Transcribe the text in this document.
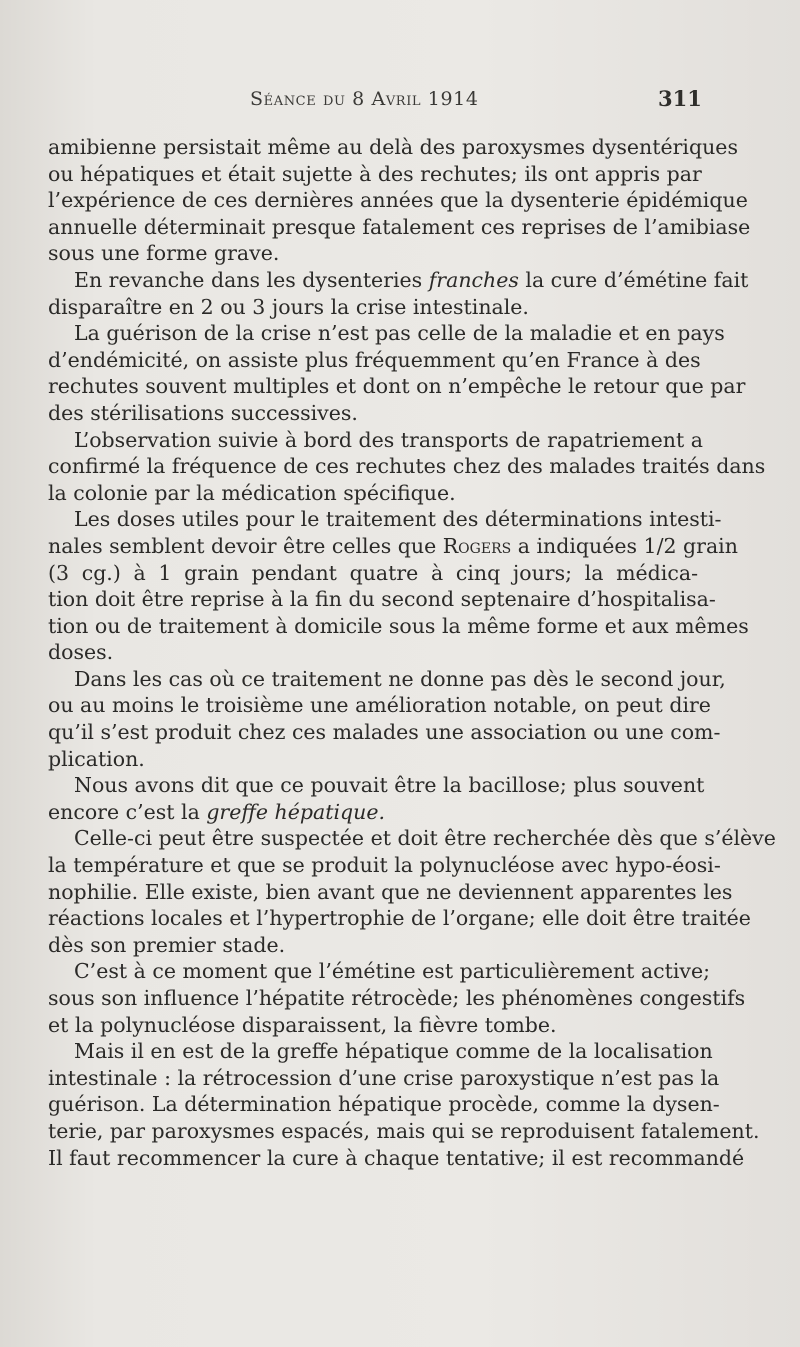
Séance du 8 Avril 1914	311

amibienne persistait même au delà des paroxysmes dysentériques
ou hépatiques et était sujette à des rechutes; ils ont appris par
l’expérience de ces dernières années que la dysenterie épidémique
annuelle déterminait presque fatalement ces reprises de l’amibiase
sous une forme grave.

En revanche dans les dysenteries franches la cure d’émétine fait
disparaître en 2 ou 3 jours la crise intestinale.

La guérison de la crise n’est pas celle de la maladie et en pays
d’endémicité, on assiste plus fréquemment qu’en France à des
rechutes souvent multiples et dont on n’empêche le retour que par
des stérilisations successives.

L’observation suivie à bord des transports de rapatriement a
confirmé la fréquence de ces rechutes chez des malades traités dans
la colonie par la médication spécifique.

Les doses utiles pour le traitement des déterminations intesti-
nales semblent devoir être celles que Rogers a indiquées 1/2 grain
(3 cg.) à 1 grain pendant quatre à cinq jours; la médica-
tion doit être reprise à la fin du second septenaire d’hospitalisa-
tion ou de traitement à domicile sous la même forme et aux mêmes
doses.

Dans les cas où ce traitement ne donne pas dès le second jour,
ou au moins le troisième une amélioration notable, on peut dire
qu’il s’est produit chez ces malades une association ou une com-
plication.

Nous avons dit que ce pouvait être la bacillose; plus souvent
encore c’est la greffe hépatique.

Celle-ci peut être suspectée et doit être recherchée dès que s’élève
la température et que se produit la polynucléose avec hypo-éosi-
nophilie. Elle existe, bien avant que ne deviennent apparentes les
réactions locales et l’hypertrophie de l’organe; elle doit être traitée
dès son premier stade.

C’est à ce moment que l’émétine est particulièrement active;
sous son influence l’hépatite rétrocède; les phénomènes congestifs
et la polynucléose disparaissent, la fièvre tombe.

Mais il en est de la greffe hépatique comme de la localisation
intestinale : la rétrocession d’une crise paroxystique n’est pas la
guérison. La détermination hépatique procède, comme la dysen-
terie, par paroxysmes espacés, mais qui se reproduisent fatalement.
Il faut recommencer la cure à chaque tentative; il est recommandé
